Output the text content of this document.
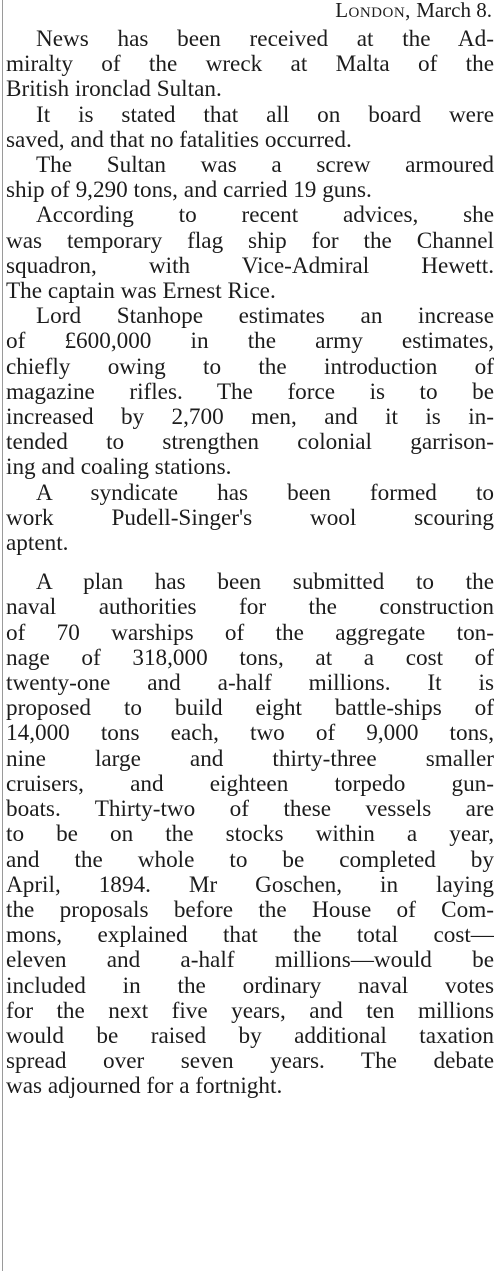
London, March 8.

News has been received at the Ad-
miralty of the wreck at Malta of the
British ironclad Sultan.
It is stated that all on board were
saved, and that no fatalities occurred.
The Sultan was a screw armoured
ship of 9,290 tons, and carried 19 guns.
According to recent advices, she
was temporary flag ship for the Channel
squadron, with Vice-Admiral Hewett.
The captain was Ernest Rice.
Lord Stanhope estimates an increase
of £600,000 in the army estimates,
chiefly owing to the introduction of
magazine rifles. The force is to be
increased by 2,700 men, and it is in-
tended to strengthen colonial garrison-
ing and coaling stations.
A syndicate has been formed to
work Pudell-Singer's wool scouring
aptent.
A plan has been submitted to the
naval authorities for the construction
of 70 warships of the aggregate ton-
nage of 318,000 tons, at a cost of
twenty-one and a-half millions. It is
proposed to build eight battle-ships of
14,000 tons each, two of 9,000 tons,
nine large and thirty-three smaller
cruisers, and eighteen torpedo gun-
boats. Thirty-two of these vessels are
to be on the stocks within a year,
and the whole to be completed by
April, 1894. Mr Goschen, in laying
the proposals before the House of Com-
mons, explained that the total cost—
eleven and a-half millions—would be
included in the ordinary naval votes
for the next five years, and ten millions
would be raised by additional taxation
spread over seven years. The debate
was adjourned for a fortnight.
